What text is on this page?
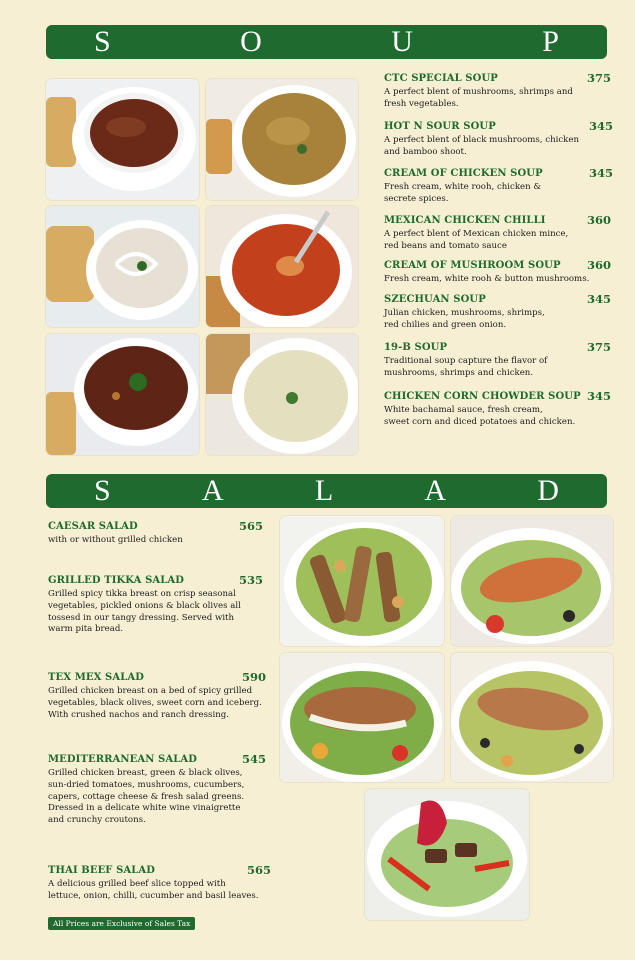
S	O	U	P
CTC SPECIAL SOUP	375
A perfect blent of mushrooms, shrimps and
fresh vegetables.
HOT N SOUR SOUP	345
A perfect blent of black mushrooms, chicken
and bamboo shoot.
CREAM OF CHICKEN SOUP	345
Fresh cream, white rooh, chicken &
secrete spices.
MEXICAN CHICKEN CHILLI	360
A perfect blent of Mexican chicken mince,
red beans and tomato sauce
CREAM OF MUSHROOM SOUP 360
Fresh cream, white rooh & button mushrooms.
SZECHUAN SOUP	345
Julian chicken, mushrooms, shrimps,
red chilies and green onion.
19-B SOUP	375
Traditional soup capture the flavor of
mushrooms, shrimps and chicken.
CHICKEN CORN CHOWDER SOUP 345
White bachamal sauce, fresh cream,
sweet corn and diced potatoes and chicken.
S	A	L	A	D
CAESAR SALAD	565
with or without grilled chicken
GRILLED TIKKA SALAD	535
Grilled spicy tikka breast on crisp seasonal
vegetables, pickled onions & black olives all
tossesd in our tangy dressing. Served with
warm pita bread.
TEX MEX SALAD	590
Grilled chicken breast on a bed of spicy grilled
vegetables, black olives, sweet corn and iceberg.
With crushed nachos and ranch dressing.
MEDITERRANEAN SALAD	545
Grilled chicken breast, green & black olives,
sun-dried tomatoes, mushrooms, cucumbers,
capers, cottage cheese & fresh salad greens.
Dressed in a delicate white wine vinaigrette
and crunchy croutons.
THAI BEEF SALAD	565
A delicious grilled beef slice topped with
lettuce, onion, chilli, cucumber and basil leaves.
All Prices are Exclusive of Sales Tax
